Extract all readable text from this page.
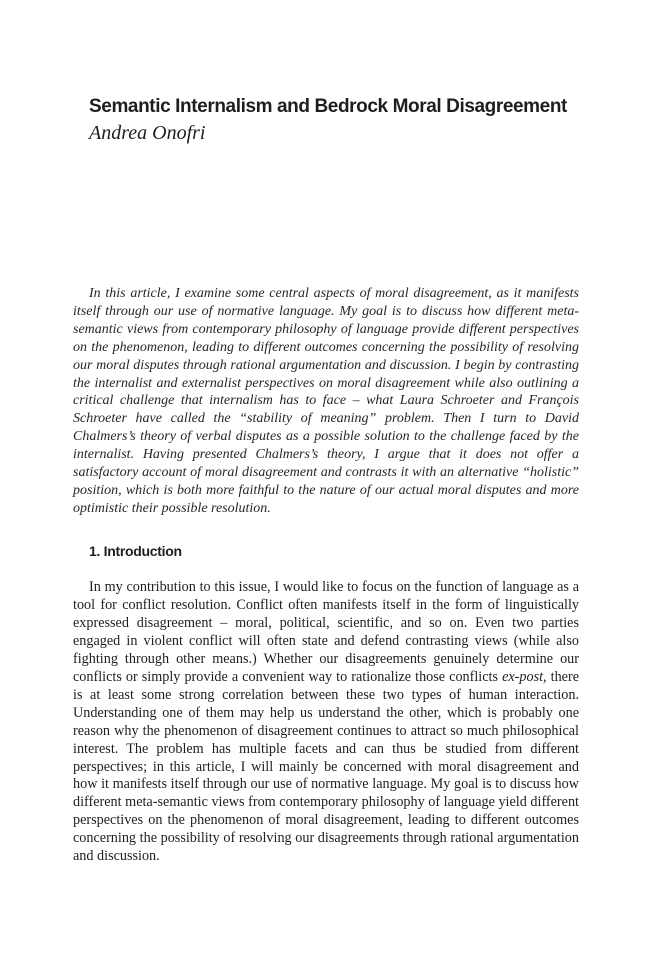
Semantic Internalism and Bedrock Moral Disagreement
Andrea Onofri

In this article, I examine some central aspects of moral disagreement, as it manifests itself through our use of normative language. My goal is to discuss how different meta-semantic views from contemporary philosophy of language provide different perspectives on the phenomenon, leading to different outcomes concerning the possibility of resolving our moral disputes through rational argumentation and discussion. I begin by contrasting the internalist and externalist perspectives on moral disagreement while also outlining a critical challenge that internalism has to face – what Laura Schroeter and François Schroeter have called the “stability of meaning” problem. Then I turn to David Chalmers’s theory of verbal disputes as a possible solution to the challenge faced by the internalist. Having presented Chalmers’s theory, I argue that it does not offer a satisfactory account of moral disagreement and contrasts it with an alternative “holistic” position, which is both more faithful to the nature of our actual moral disputes and more optimistic their possible resolution.

1. Introduction

In my contribution to this issue, I would like to focus on the function of language as a tool for conflict resolution. Conflict often manifests itself in the form of linguistically expressed disagreement – moral, political, scientific, and so on. Even two parties engaged in violent conflict will often state and defend contrasting views (while also fighting through other means.) Whether our disagreements genuinely determine our conflicts or simply provide a convenient way to rationalize those conflicts ex-post, there is at least some strong correlation between these two types of human interaction. Understanding one of them may help us understand the other, which is probably one reason why the phenomenon of disagreement continues to attract so much philosophical interest. The problem has multiple facets and can thus be studied from different perspectives; in this article, I will mainly be concerned with moral disagreement and how it manifests itself through our use of normative language. My goal is to discuss how different meta-semantic views from contemporary philosophy of language yield different perspectives on the phenomenon of moral disagreement, leading to different outcomes concerning the possibility of resolving our disagreements through rational argumentation and discussion.
